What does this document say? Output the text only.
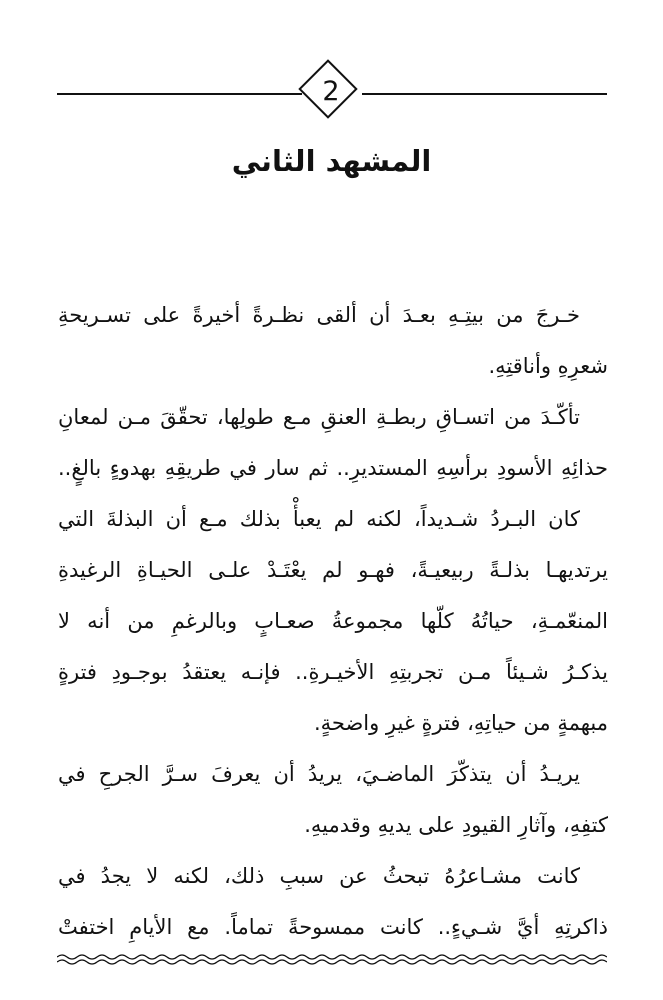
2
المشهد الثاني
خـرجَ من بيتِـهِ بعـدَ أن ألقى نظـرةً أخيرةً على تسـريحةِ
شعرِهِ وأناقتِهِ.
تأكّـدَ من اتسـاقِ ربطـةِ العنقِ مـع طولِها، تحقّقَ مـن لمعانِ
حذائِهِ الأسودِ برأسِهِ المستديرِ.. ثم سار في طريقِهِ بهدوءٍ بالغٍ..
كان البـردُ شـديداً، لكنه لم يعبأْ بذلك مـع أن البذلةَ التي
يرتديهـا بذلـةً ربيعيـةً، فهـو لم يعْتَـدْ علـى الحيـاةِ الرغيدةِ
المنعّمـةِ، حياتُهُ كلّها مجموعةُ صعـابٍ وبالرغمِ من أنه لا
يذكـرُ شـيئاً مـن تجربتِهِ الأخيـرةِ.. فإنـه يعتقدُ بوجـودِ فترةٍ
مبهمةٍ من حياتِهِ، فترةٍ غيرِ واضحةٍ.
يريـدُ أن يتذكّرَ الماضـيَ، يريدُ أن يعرفَ سـرَّ الجرحِ في
كتفِهِ، وآثارِ القيودِ على يديهِ وقدميهِ.
كانت مشـاعرُهُ تبحثُ عن سببِ ذلك، لكنه لا يجدُ في
ذاكرتِهِ أيَّ شـيءٍ.. كانت ممسوحةً تماماً. مع الأيامِ اختفتْ
